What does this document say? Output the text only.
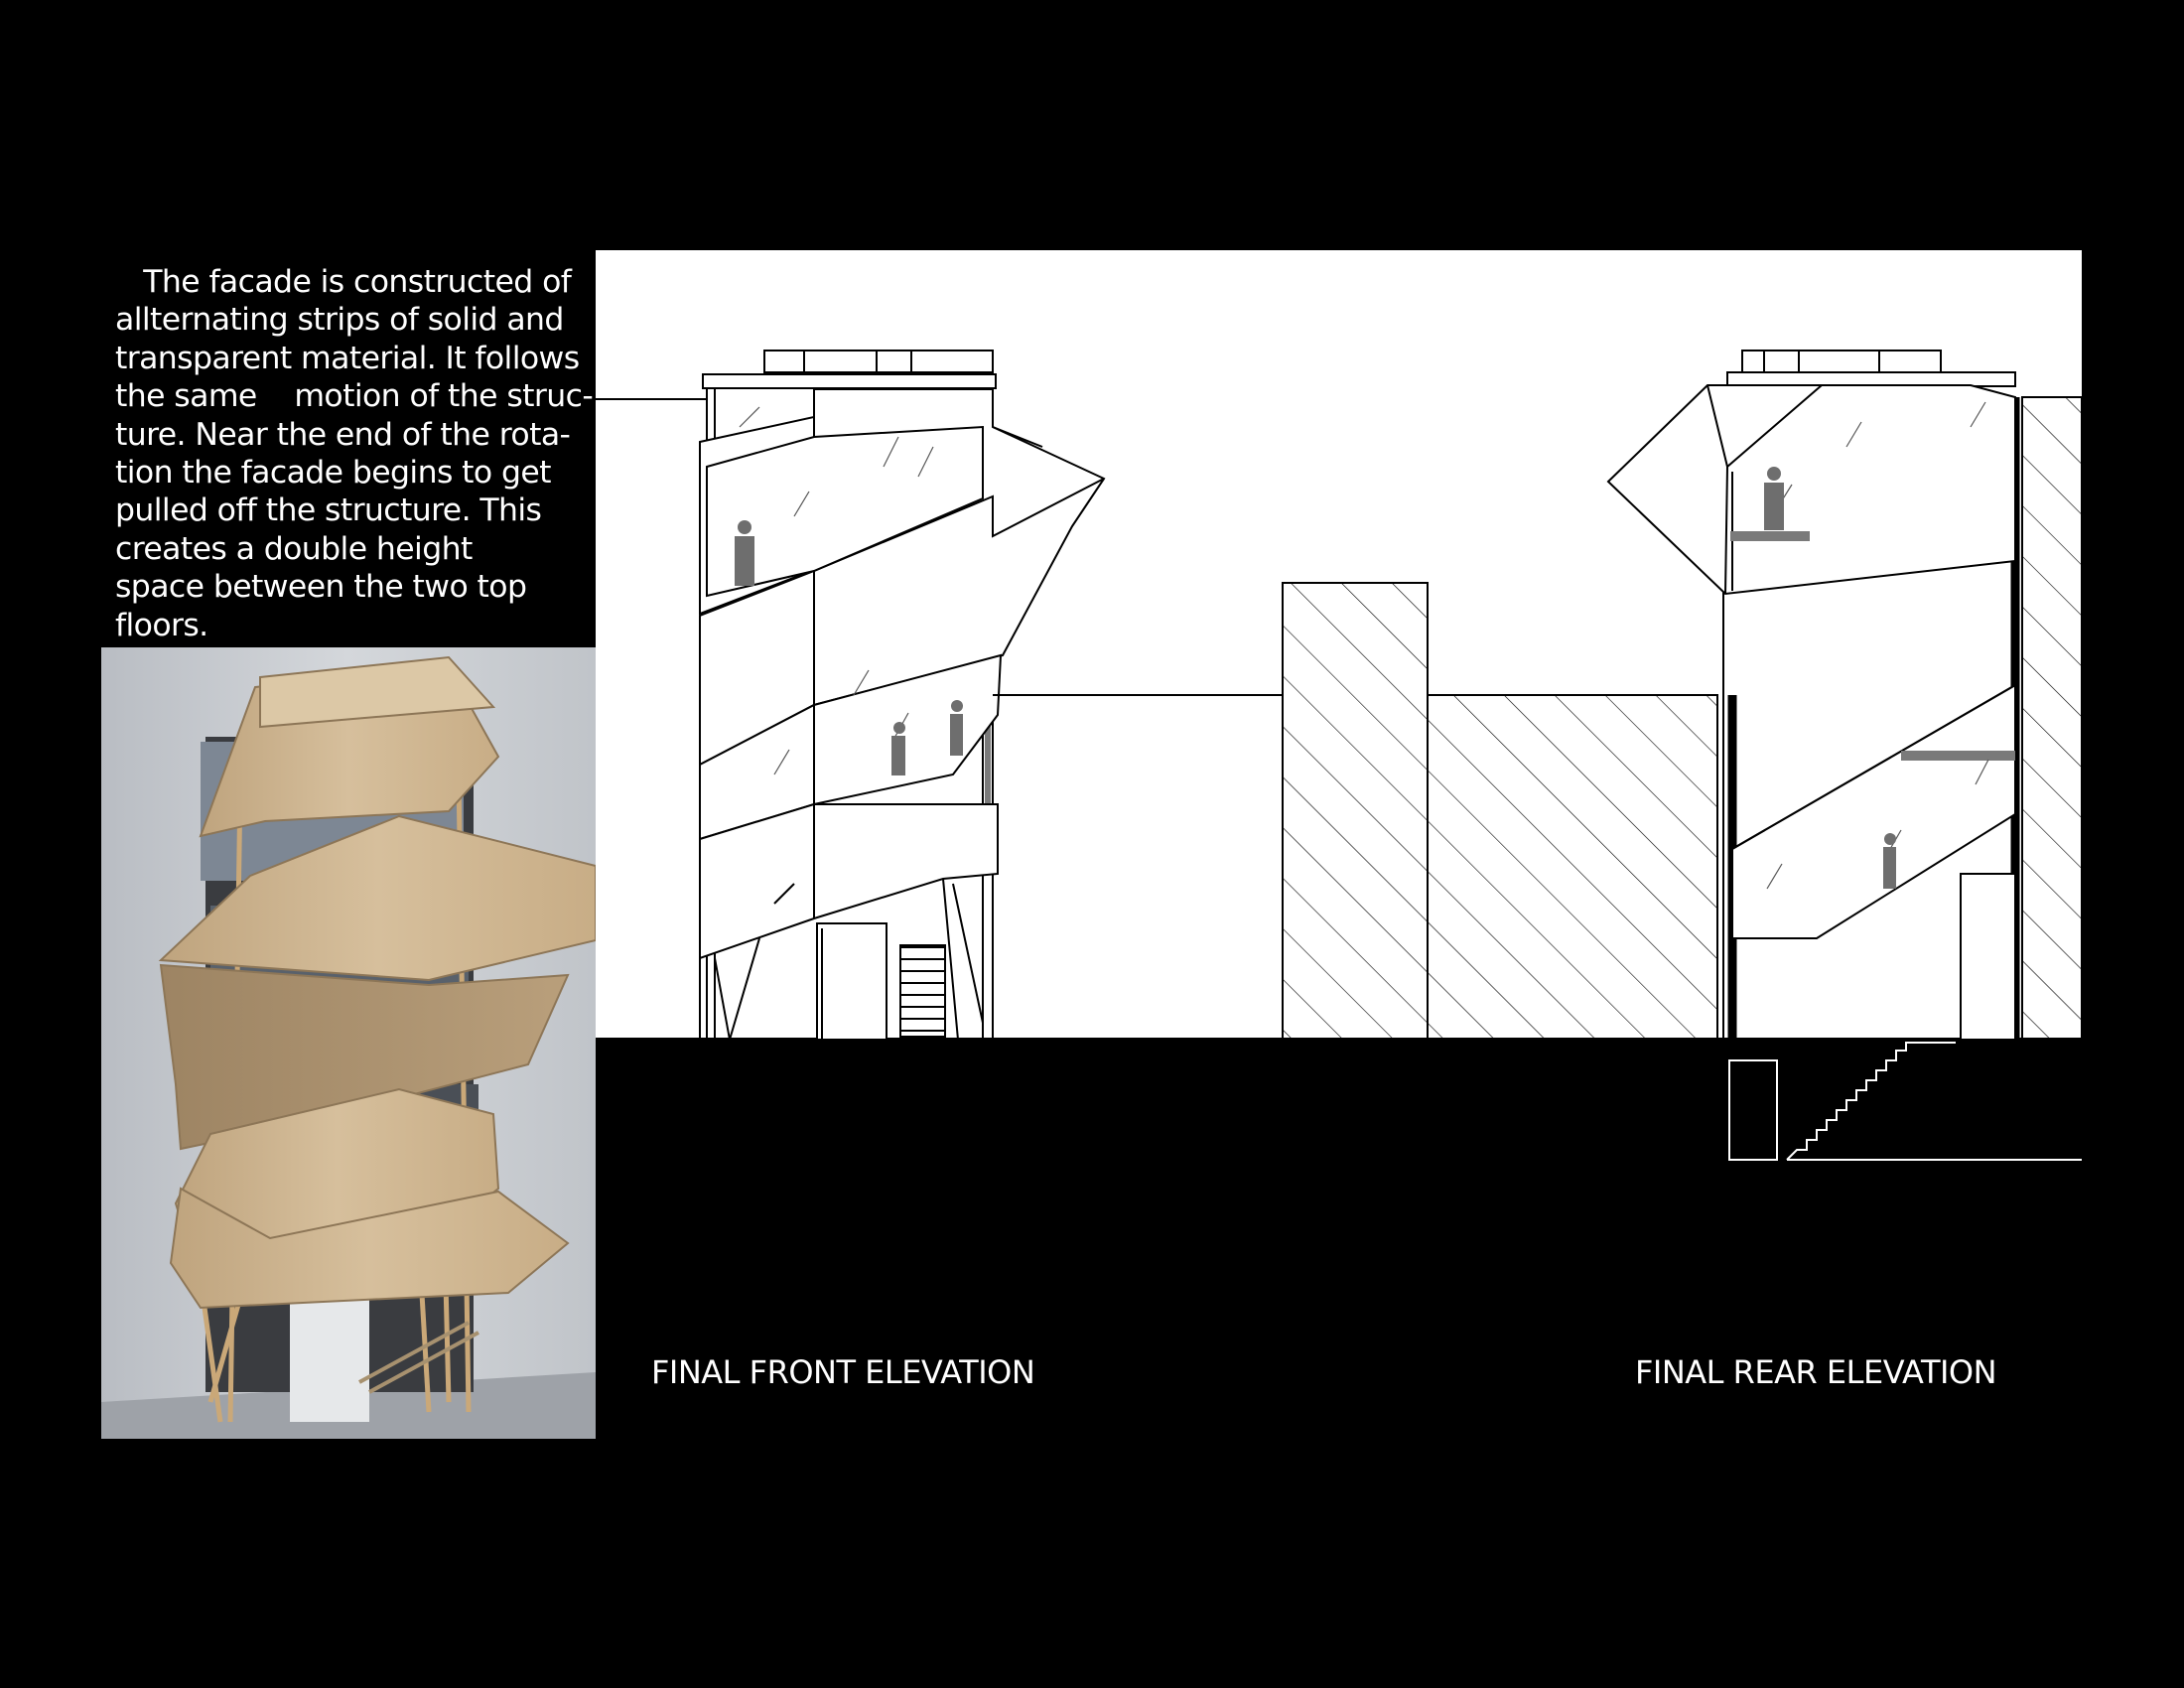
The facade is constructed of
allternating strips of solid and
transparent material. It follows
the same    motion of the struc-
ture. Near the end of the rota-
tion the facade begins to get
pulled off the structure. This
creates a double height
space between the two top
floors.
FINAL FRONT ELEVATION	FINAL REAR ELEVATION
